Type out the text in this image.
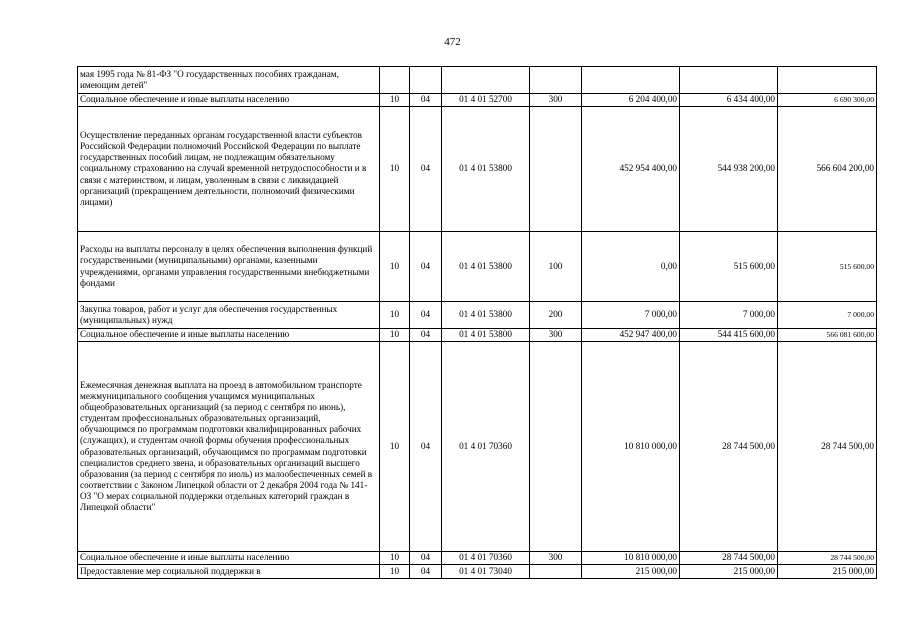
472
мая 1995 года № 81-ФЗ "О государственных пособиях гражданам, имеющим детей"							
Социальное обеспечение и иные выплаты населению	10	04	01 4 01 52700	300	6 204 400,00	6 434 400,00	6 690 300,00
Осуществление переданных органам государственной власти субъектов Российской Федерации полномочий Российской Федерации по выплате государственных пособий лицам, не подлежащим обязательному социальному страхованию на случай временной нетрудоспособности и в связи с материнством, и лицам, уволенным в связи с ликвидацией организаций (прекращением деятельности, полномочий физическими лицами)	10	04	01 4 01 53800		452 954 400,00	544 938 200,00	566 604 200,00
Расходы на выплаты персоналу в целях обеспечения выполнения функций государственными (муниципальными) органами, казенными учреждениями, органами управления государственными внебюджетными фондами	10	04	01 4 01 53800	100	0,00	515 600,00	515 600,00
Закупка товаров, работ и услуг для обеспечения государственных (муниципальных) нужд	10	04	01 4 01 53800	200	7 000,00	7 000,00	7 000,00
Социальное обеспечение и иные выплаты населению	10	04	01 4 01 53800	300	452 947 400,00	544 415 600,00	566 081 600,00
Ежемесячная денежная выплата на проезд в автомобильном транспорте межмуниципального сообщения учащимся муниципальных общеобразовательных организаций (за период с сентября по июнь), студентам профессиональных образовательных организаций, обучающимся по программам подготовки квалифицированных рабочих (служащих), и студентам очной формы обучения профессиональных образовательных организаций, обучающимся по программам подготовки специалистов среднего звена, и образовательных организаций высшего образования (за период с сентября по июль) из малообеспеченных семей в соответствии с Законом Липецкой области от 2 декабря 2004 года № 141-ОЗ "О мерах социальной поддержки отдельных категорий граждан в Липецкой области"	10	04	01 4 01 70360		10 810 000,00	28 744 500,00	28 744 500,00
Социальное обеспечение и иные выплаты населению	10	04	01 4 01 70360	300	10 810 000,00	28 744 500,00	28 744 500,00
Предоставление мер социальной поддержки в	10	04	01 4 01 73040		215 000,00	215 000,00	215 000,00
